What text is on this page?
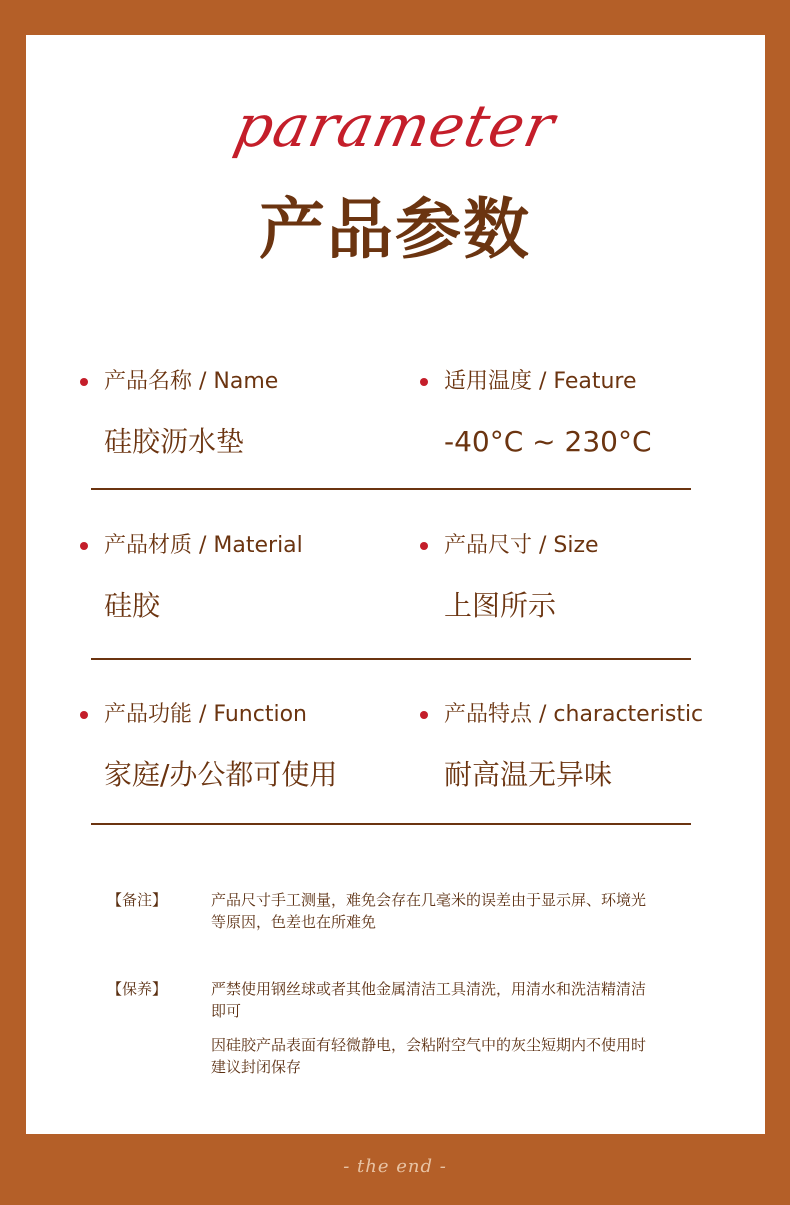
parameter
产品参数
产品名称 / Name
硅胶沥水垫
适用温度 / Feature
-40°C ~ 230°C
产品材质 / Material
硅胶
产品尺寸 / Size
上图所示
产品功能 / Function
家庭/办公都可使用
产品特点 / characteristic
耐高温无异味
【备注】	产品尺寸手工测量，难免会存在几毫米的误差由于显示屏、环境光等原因，色差也在所难免

【保养】	严禁使用钢丝球或者其他金属清洁工具清洗，用清水和洗洁精清洁即可

因硅胶产品表面有轻微静电，会粘附空气中的灰尘短期内不使用时建议封闭保存

- the end -
